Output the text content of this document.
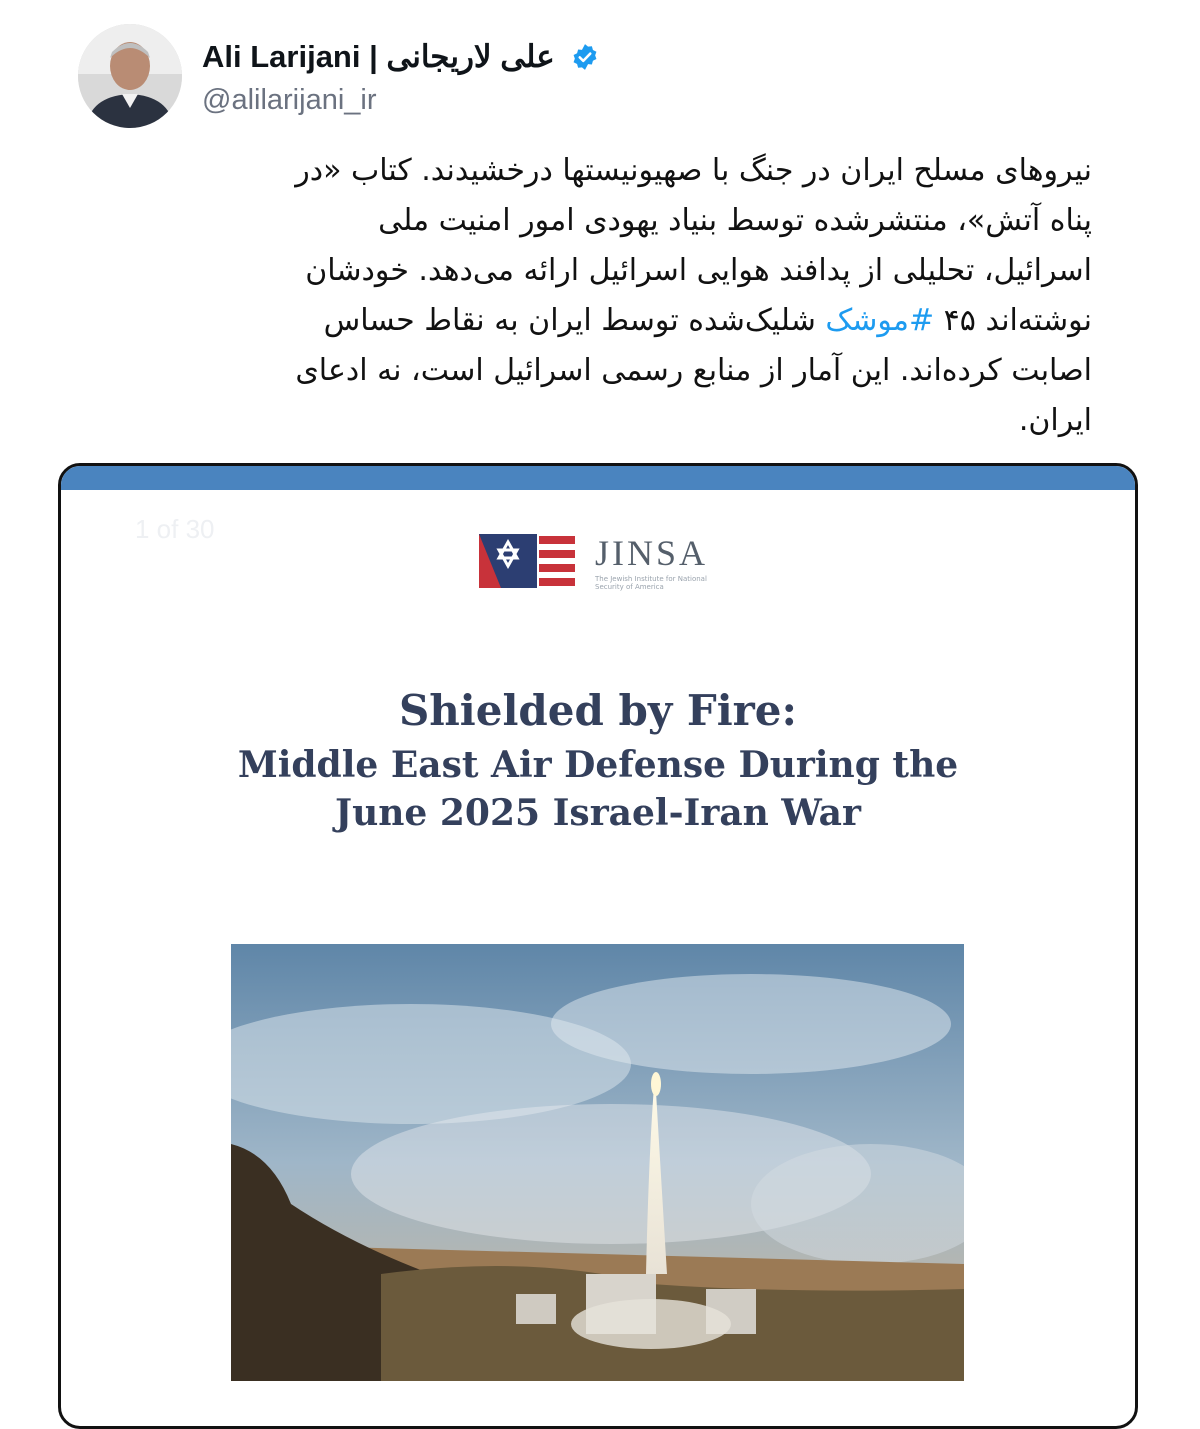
Ali Larijani | علی لاریجانی
@alilarijani_ir
نیروهای مسلح ایران در جنگ با صهیونیستها درخشیدند. کتاب «در
پناه آتش»، منتشرشده توسط بنیاد یهودی امور امنیت ملی
اسرائیل، تحلیلی از پدافند هوایی اسرائیل ارائه می‌دهد. خودشان
نوشته‌اند ۴۵ #موشک شلیک‌شده توسط ایران به نقاط حساس
اصابت کرده‌اند. این آمار از منابع رسمی اسرائیل است، نه ادعای
ایران.
1 of 30
JINSA
The Jewish Institute for National Security of America
Shielded by Fire:
Middle East Air Defense During the
June 2025 Israel-Iran War
